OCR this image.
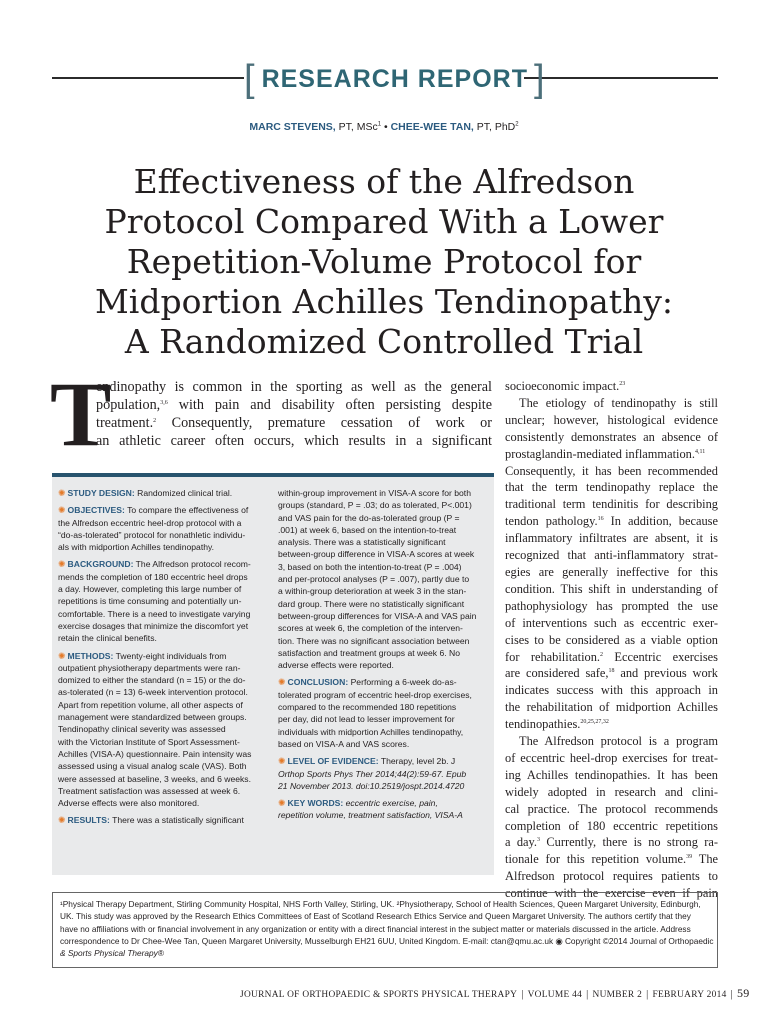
[ RESEARCH REPORT ]
MARC STEVENS, PT, MSc$^1$ • CHEE-WEE TAN, PT, PhD$^2$
Effectiveness of the Alfredson
Protocol Compared With a Lower
Repetition-Volume Protocol for
Midportion Achilles Tendinopathy:
A Randomized Controlled Trial
T
endinopathy is common in the sporting as well as the general
population,$^{3,6}$ with pain and disability often persisting despite
treatment.$^2$ Consequently, premature cessation of work or
an athletic career often occurs, which results in a significant

✺ STUDY DESIGN: Randomized clinical trial.

✺ OBJECTIVES: To compare the effectiveness of
the Alfredson eccentric heel-drop protocol with a
“do-as-tolerated” protocol for nonathletic individu-
als with midportion Achilles tendinopathy.

✺ BACKGROUND: The Alfredson protocol recom-
mends the completion of 180 eccentric heel drops
a day. However, completing this large number of
repetitions is time consuming and potentially un-
comfortable. There is a need to investigate varying
exercise dosages that minimize the discomfort yet
retain the clinical benefits.

✺ METHODS: Twenty-eight individuals from
outpatient physiotherapy departments were ran-
domized to either the standard (n = 15) or the do-
as-tolerated (n = 13) 6-week intervention protocol.
Apart from repetition volume, all other aspects of
management were standardized between groups.
Tendinopathy clinical severity was assessed
with the Victorian Institute of Sport Assessment-
Achilles (VISA-A) questionnaire. Pain intensity was
assessed using a visual analog scale (VAS). Both
were assessed at baseline, 3 weeks, and 6 weeks.
Treatment satisfaction was assessed at week 6.
Adverse effects were also monitored.

✺ RESULTS: There was a statistically significant

within-group improvement in VISA-A score for both
groups (standard, P = .03; do as tolerated, P<.001)
and VAS pain for the do-as-tolerated group (P =
.001) at week 6, based on the intention-to-treat
analysis. There was a statistically significant
between-group difference in VISA-A scores at week
3, based on both the intention-to-treat (P = .004)
and per-protocol analyses (P = .007), partly due to
a within-group deterioration at week 3 in the stan-
dard group. There were no statistically significant
between-group differences for VISA-A and VAS pain
scores at week 6, the completion of the interven-
tion. There was no significant association between
satisfaction and treatment groups at week 6. No
adverse effects were reported.

✺ CONCLUSION: Performing a 6-week do-as-
tolerated program of eccentric heel-drop exercises,
compared to the recommended 180 repetitions
per day, did not lead to lesser improvement for
individuals with midportion Achilles tendinopathy,
based on VISA-A and VAS scores.

✺ LEVEL OF EVIDENCE: Therapy, level 2b. J
Orthop Sports Phys Ther 2014;44(2):59-67. Epub
21 November 2013. doi:10.2519/jospt.2014.4720

✺ KEY WORDS: eccentric exercise, pain,
repetition volume, treatment satisfaction, VISA-A

socioeconomic impact.$^{23}$
The etiology of tendinopathy is still
unclear; however, histological evidence
consistently demonstrates an absence of
prostaglandin-mediated inflammation.$^{4,11}$
Consequently, it has been recommended
that the term tendinopathy replace the
traditional term tendinitis for describing
tendon pathology.$^{16}$ In addition, because
inflammatory infiltrates are absent, it is
recognized that anti-inflammatory strat-
egies are generally ineffective for this
condition. This shift in understanding of
pathophysiology has prompted the use
of interventions such as eccentric exer-
cises to be considered as a viable option
for rehabilitation.$^2$ Eccentric exercises
are considered safe,$^{18}$ and previous work
indicates success with this approach in
the rehabilitation of midportion Achilles
tendinopathies.$^{20,25,27,32}$
The Alfredson protocol is a program
of eccentric heel-drop exercises for treat-
ing Achilles tendinopathies. It has been
widely adopted in research and clini-
cal practice. The protocol recommends
completion of 180 eccentric repetitions
a day.$^3$ Currently, there is no strong ra-
tionale for this repetition volume.$^{39}$ The
Alfredson protocol requires patients to
continue with the exercise even if pain
¹Physical Therapy Department, Stirling Community Hospital, NHS Forth Valley, Stirling, UK. ²Physiotherapy, School of Health Sciences, Queen Margaret University, Edinburgh,
UK. This study was approved by the Research Ethics Committees of East of Scotland Research Ethics Service and Queen Margaret University. The authors certify that they
have no affiliations with or financial involvement in any organization or entity with a direct financial interest in the subject matter or materials discussed in the article. Address
correspondence to Dr Chee-Wee Tan, Queen Margaret University, Musselburgh EH21 6UU, United Kingdom. E-mail: ctan@qmu.ac.uk ◉ Copyright ©2014 Journal of Orthopaedic
& Sports Physical Therapy®
JOURNAL OF ORTHOPAEDIC & SPORTS PHYSICAL THERAPY | VOLUME 44 | NUMBER 2 | FEBRUARY 2014 | 59
